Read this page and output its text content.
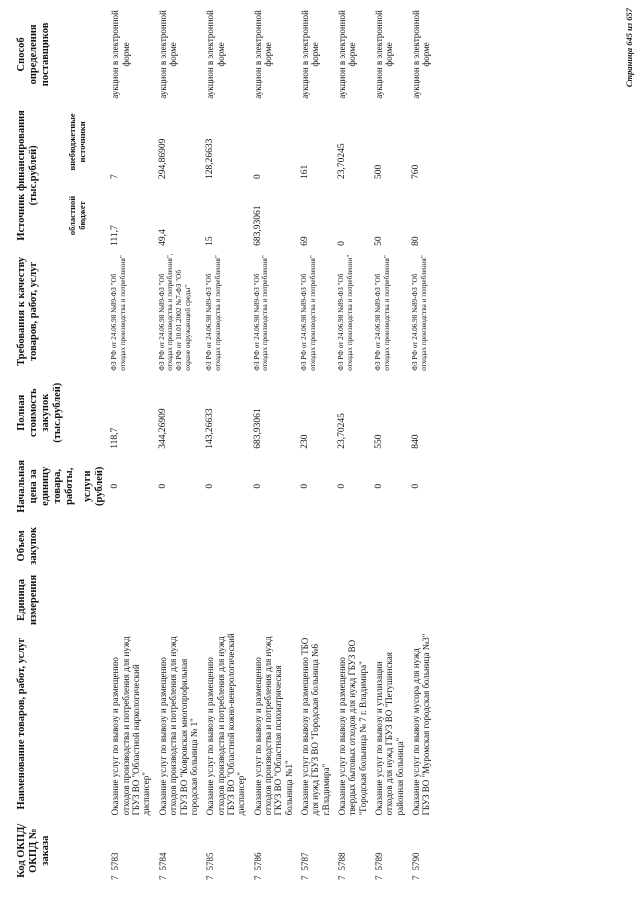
Код ОКПД/ ОКПД № заказа	Наименование товаров, работ, услуг	Единица измерения	Объем закупок	Начальная цена за единицу товара, работы, услуги (рублей)	Полная стоимость закупок (тыс.рублей)	Требования к качеству товаров, работ, услуг	Источник финансирования (тыс.рублей)		Способ определения поставщиков
							областной бюджет	внебюджетные источники	
75783	Оказание услуг по вывозу и размещению отходов производства и потребления для нужд ГБУЗ ВО "Областной наркологический диспансер"			0	118,7	ФЗ РФ от 24.06.98 №89-ФЗ "Об отходах производства и потребления"	111,7	7	аукцион в электронной форме
75784	Оказание услуг по вывозу и размещению отходов производства и потребления для нужд ГБУЗ ВО "Ковровская многопрофильная городская больница № 1"			0	344,26909	ФЗ РФ от 24.06.98 №89-ФЗ "Об отходах производства и потребления", ФЗ РФ от 10.01.2002 №7-ФЗ "Об охране окружающей среды"	49,4	294,86909	аукцион в электронной форме
75785	Оказание услуг по вывозу и размещению отходов производства и потребления для нужд ГБУЗ ВО "Областной кожно-венерологический диспансер"			0	143,26633	ФЗ РФ от 24.06.98 №89-ФЗ "Об отходах производства и потребления"	15	128,26633	аукцион в электронной форме
75786	Оказание услуг по вывозу и размещению отходов производства и потребления для нужд ГКУЗ ВО "Областная психиатрическая больница №1"			0	683,93061	ФЗ РФ от 24.06.98 №89-ФЗ "Об отходах производства и потребления"	683,93061	0	аукцион в электронной форме
75787	Оказание услуг по вывозу и размещению ТБО для нужд ГБУЗ ВО "Городская больница №6 г.Владимира"			0	230	ФЗ РФ от 24.06.98 №89-ФЗ "Об отходах производства и потребления"	69	161	аукцион в электронной форме
75788	Оказание услуг по вывозу и размещению твердых бытовых отходов для нужд ГБУЗ ВО "Городская больница № 7 г. Владимира"			0	23,70245	ФЗ РФ от 24.06.98 №89-ФЗ "Об отходах производства и потреблении"	0	23,70245	аукцион в электронной форме
75789	Оказание услуг по вывозу и утилизации отходов для нужд ГБУЗ ВО "Петушинская районная больница"			0	550	ФЗ РФ от 24.06.98 №89-ФЗ "Об отходах производства и потребления"	50	500	аукцион в электронной форме
75790	Оказание услуг по вывозу мусора для нужд ГБУЗ ВО "Муромская городская больница №3"			0	840	ФЗ РФ от 24.06.98 №89-ФЗ "Об отходах производства и потребления"	80	760	аукцион в электронной форме	Страница 645 из 657
